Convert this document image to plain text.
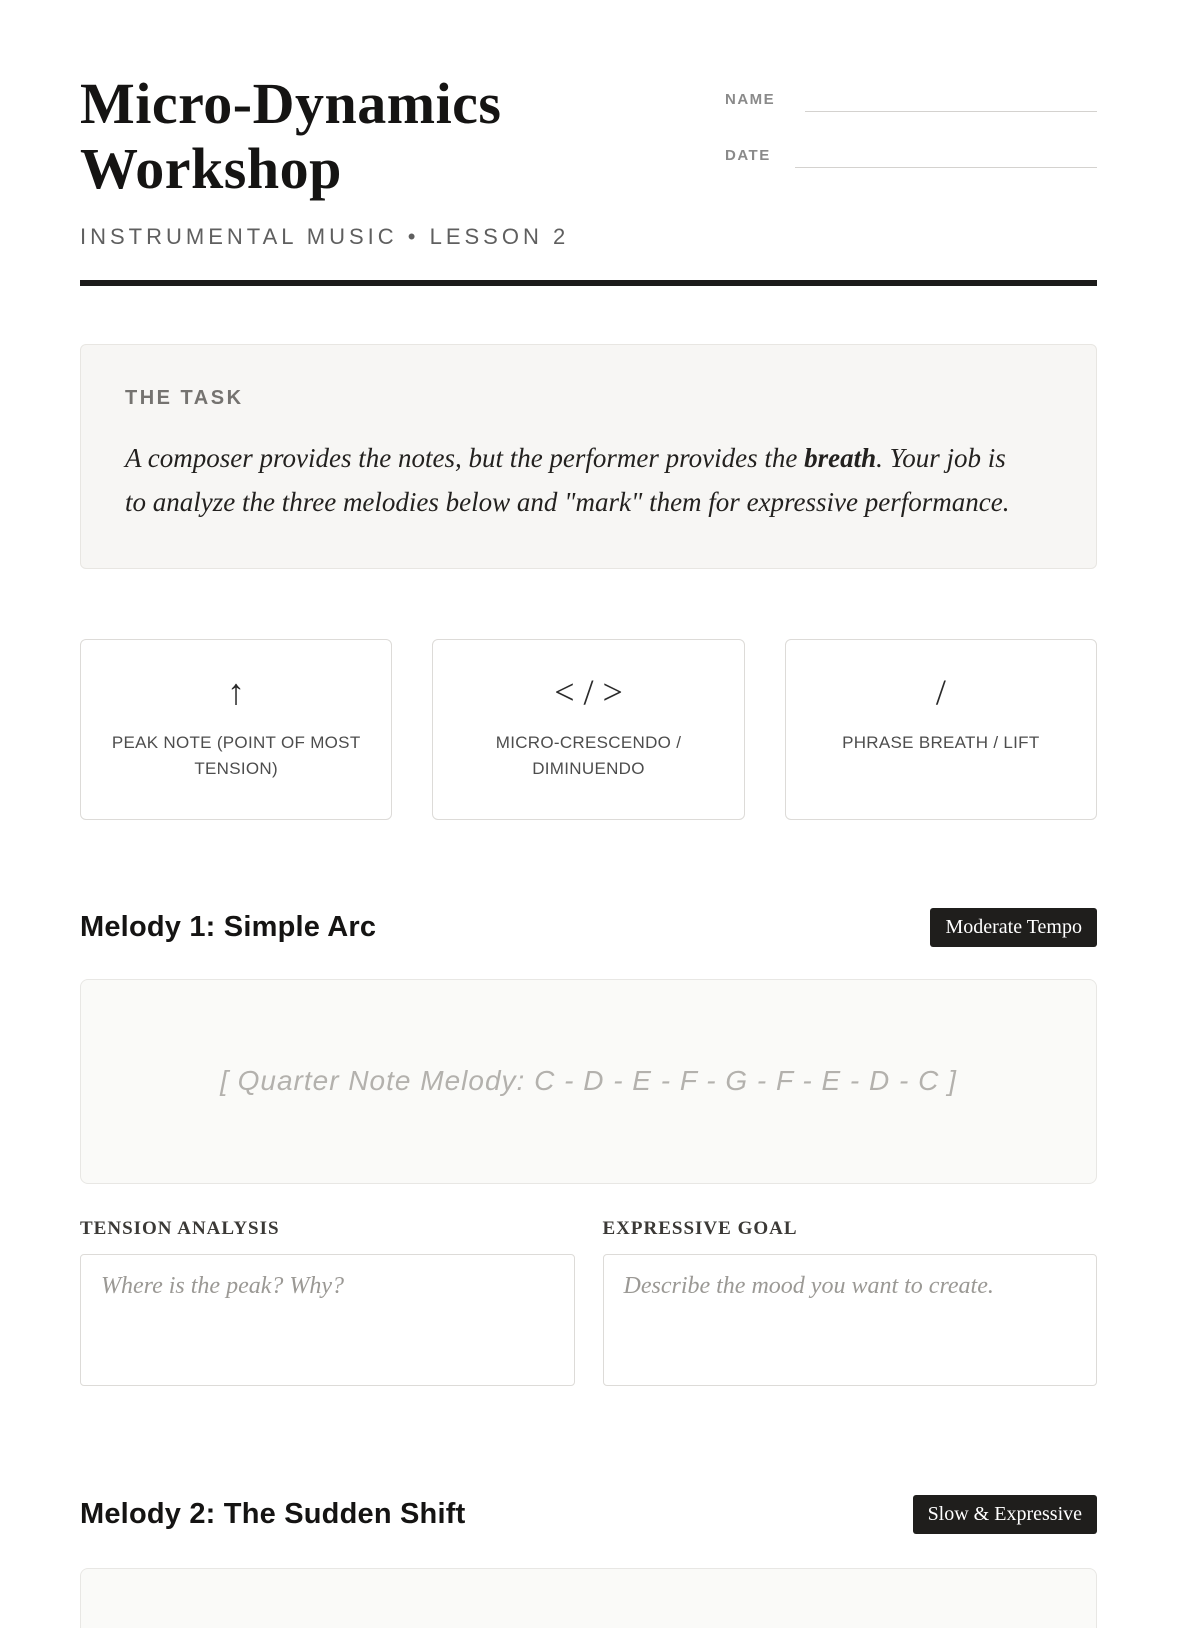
Micro-Dynamics Workshop
INSTRUMENTAL MUSIC • LESSON 2
NAME
DATE
THE TASK
A composer provides the notes, but the performer provides the breath. Your job is to analyze the three melodies below and "mark" them for expressive performance.
↑
PEAK NOTE (POINT OF MOST TENSION)
< / >
MICRO-CRESCENDO / DIMINUENDO
/
PHRASE BREATH / LIFT
Melody 1: Simple Arc	Moderate Tempo
[ Quarter Note Melody: C - D - E - F - G - F - E - D - C ]
TENSION ANALYSIS
Where is the peak? Why?	EXPRESSIVE GOAL
Describe the mood you want to create.
Melody 2: The Sudden Shift	Slow & Expressive
